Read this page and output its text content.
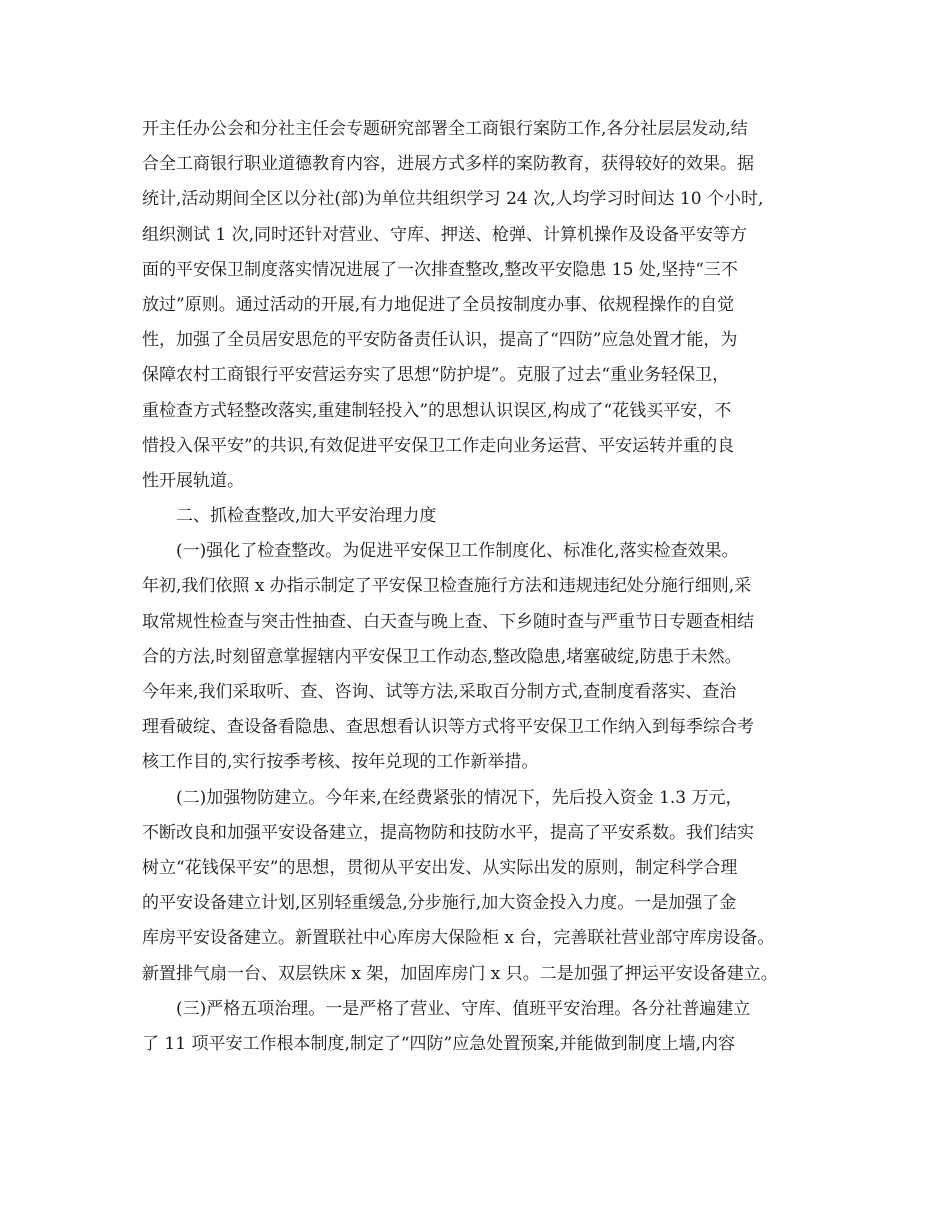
开主任办公会和分社主任会专题研究部署全工商银行案防工作,各分社层层发动,结
合全工商银行职业道德教育内容，进展方式多样的案防教育，获得较好的效果。据
统计,活动期间全区以分社(部)为单位共组织学习 24 次,人均学习时间达 10 个小时,
组织测试 1 次,同时还针对营业、守库、押送、枪弹、计算机操作及设备平安等方
面的平安保卫制度落实情况进展了一次排查整改,整改平安隐患 15 处,坚持“三不
放过”原则。通过活动的开展,有力地促进了全员按制度办事、依规程操作的自觉
性，加强了全员居安思危的平安防备责任认识，提高了“四防”应急处置才能，为
保障农村工商银行平安营运夯实了思想“防护堤”。克服了过去“重业务轻保卫，
重检查方式轻整改落实,重建制轻投入”的思想认识误区,构成了“花钱买平安，不
惜投入保平安”的共识,有效促进平安保卫工作走向业务运营、平安运转并重的良
性开展轨道。
二、抓检查整改,加大平安治理力度
(一)强化了检查整改。为促进平安保卫工作制度化、标准化,落实检查效果。
年初,我们依照 x 办指示制定了平安保卫检查施行方法和违规违纪处分施行细则,采
取常规性检查与突击性抽查、白天查与晚上查、下乡随时查与严重节日专题查相结
合的方法,时刻留意掌握辖内平安保卫工作动态,整改隐患,堵塞破绽,防患于未然。
今年来,我们采取听、查、咨询、试等方法,采取百分制方式,查制度看落实、查治
理看破绽、查设备看隐患、查思想看认识等方式将平安保卫工作纳入到每季综合考
核工作目的,实行按季考核、按年兑现的工作新举措。
(二)加强物防建立。今年来,在经费紧张的情况下，先后投入资金 1.3 万元，
不断改良和加强平安设备建立，提高物防和技防水平，提高了平安系数。我们结实
树立“花钱保平安”的思想，贯彻从平安出发、从实际出发的原则，制定科学合理
的平安设备建立计划,区别轻重缓急,分步施行,加大资金投入力度。一是加强了金
库房平安设备建立。新置联社中心库房大保险柜 x 台，完善联社营业部守库房设备。
新置排气扇一台、双层铁床 x 架，加固库房门 x 只。二是加强了押运平安设备建立。
(三)严格五项治理。一是严格了营业、守库、值班平安治理。各分社普遍建立
了 11 项平安工作根本制度,制定了“四防”应急处置预案,并能做到制度上墙,内容
